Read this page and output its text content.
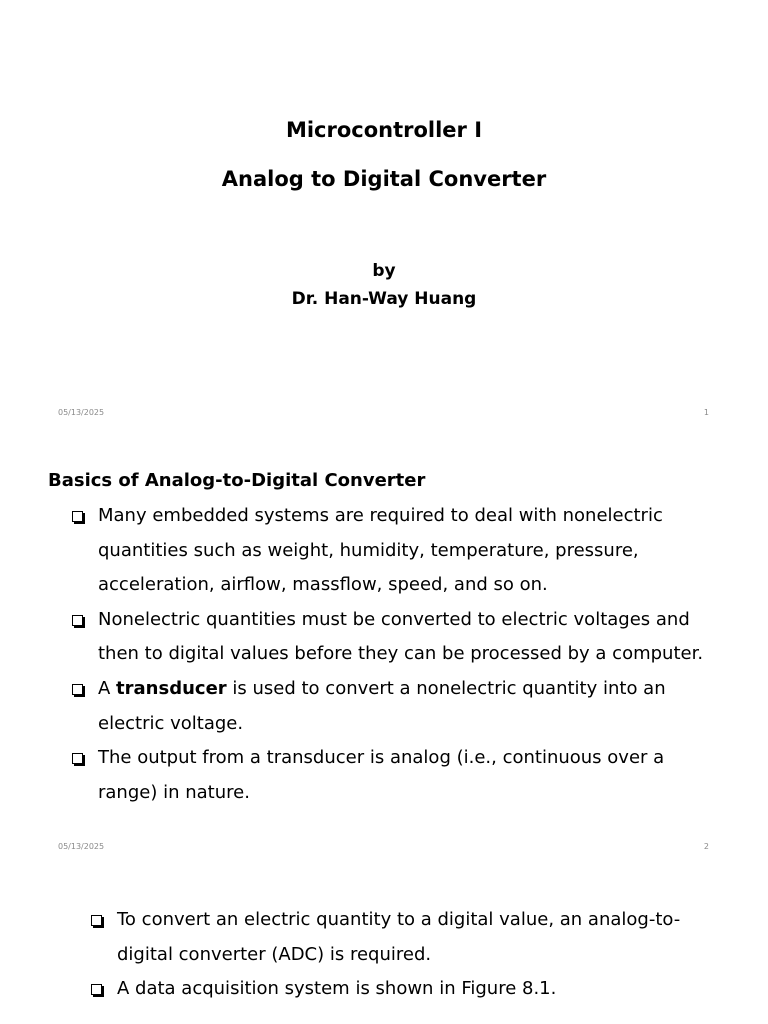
Microcontroller I
Analog to Digital Converter
by
Dr. Han-Way Huang
05/13/2025	1
Basics of Analog-to-Digital Converter
Many embedded systems are required to deal with nonelectric quantities such as weight, humidity, temperature, pressure, acceleration, airflow, massflow, speed, and so on.
Nonelectric quantities must be converted to electric voltages and then to digital values before they can be processed by a computer.
A transducer is used to convert a nonelectric quantity into an electric voltage.
The output from a transducer is analog (i.e., continuous over a range) in nature.
05/13/2025	2
To convert an electric quantity to a digital value, an analog-to-digital converter (ADC) is required.
A data acquisition system is shown in Figure 8.1.
